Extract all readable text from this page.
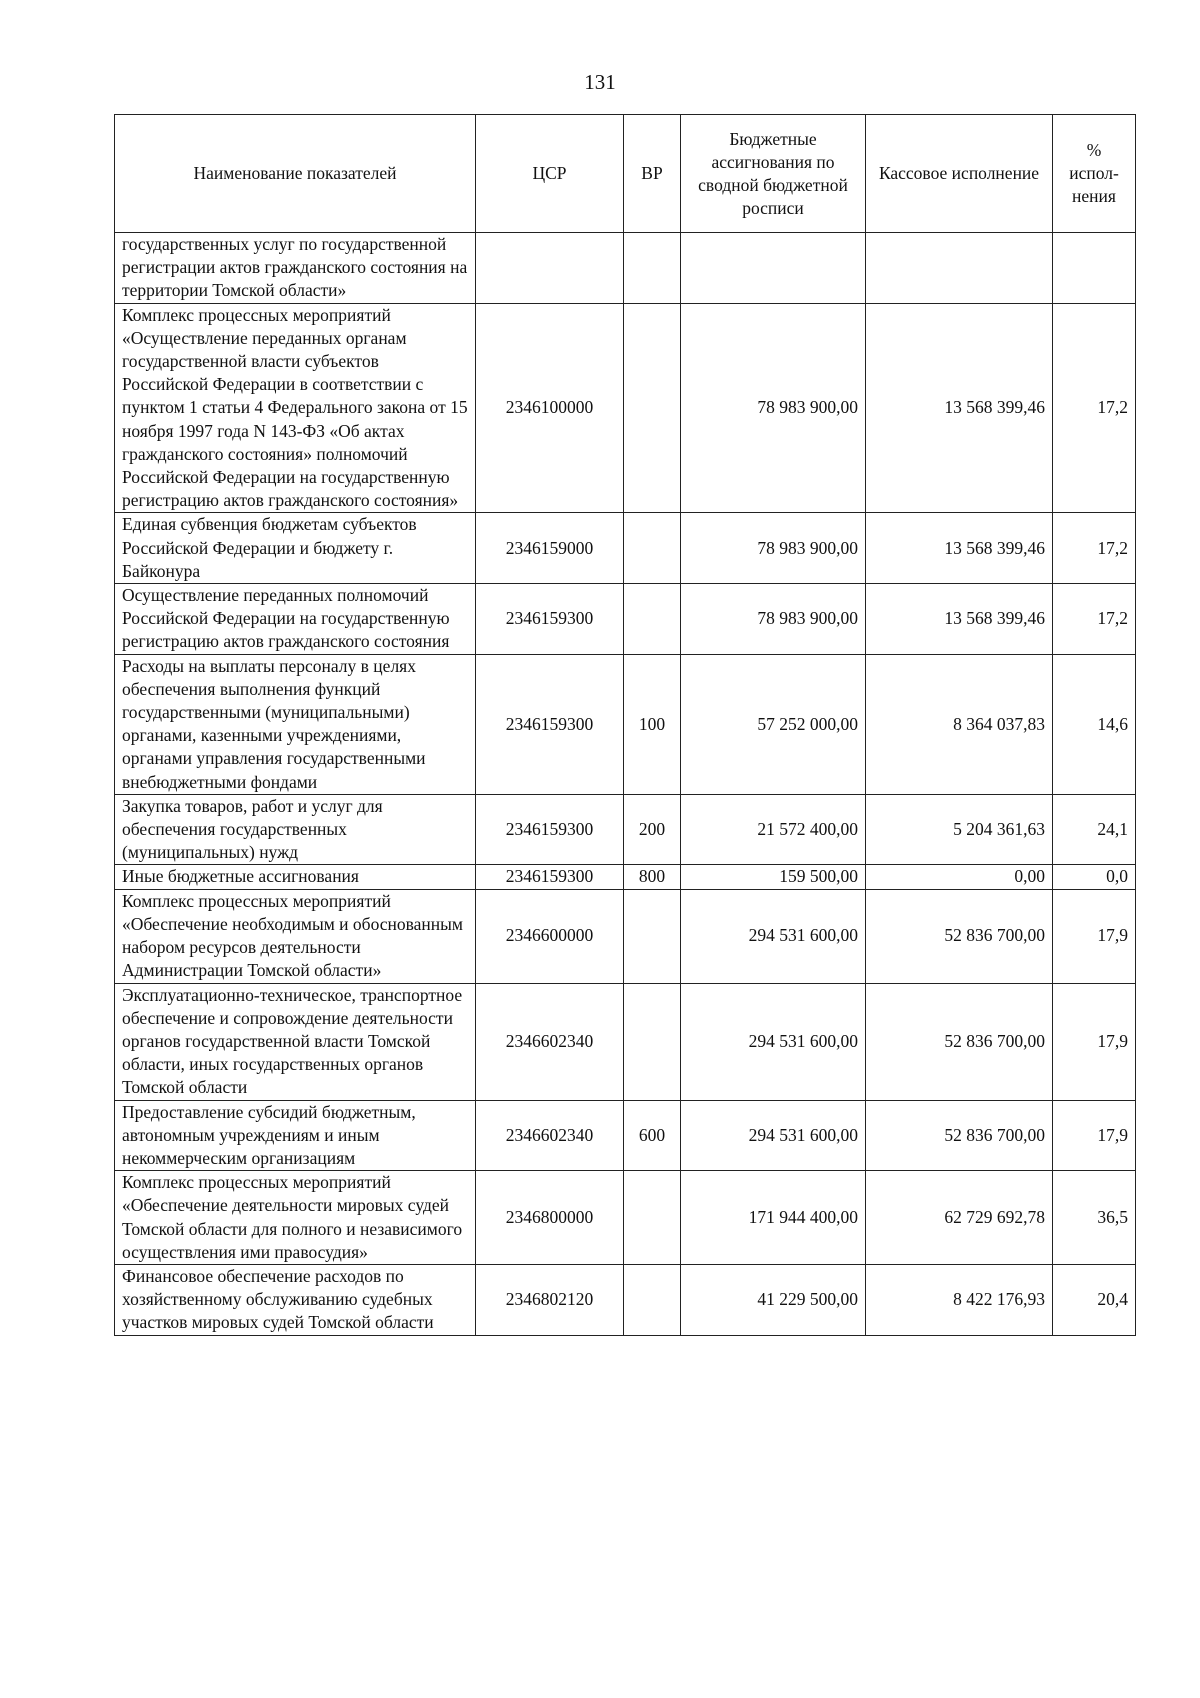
131
Наименование показателей	ЦСР	ВР	Бюджетные ассигнования по сводной бюджетной росписи	Кассовое исполнение	% испол-нения
государственных услуг по государственной регистрации актов гражданского состояния на территории Томской области»					
Комплекс процессных мероприятий «Осуществление переданных органам государственной власти субъектов Российской Федерации в соответствии с пунктом 1 статьи 4 Федерального закона от 15 ноября 1997 года N 143-ФЗ «Об актах гражданского состояния» полномочий Российской Федерации на государственную регистрацию актов гражданского состояния»	2346100000		78 983 900,00	13 568 399,46	17,2
Единая субвенция бюджетам субъектов Российской Федерации и бюджету г. Байконура	2346159000		78 983 900,00	13 568 399,46	17,2
Осуществление переданных полномочий Российской Федерации на государственную регистрацию актов гражданского состояния	2346159300		78 983 900,00	13 568 399,46	17,2
Расходы на выплаты персоналу в целях обеспечения выполнения функций государственными (муниципальными) органами, казенными учреждениями, органами управления государственными внебюджетными фондами	2346159300	100	57 252 000,00	8 364 037,83	14,6
Закупка товаров, работ и услуг для обеспечения государственных (муниципальных) нужд	2346159300	200	21 572 400,00	5 204 361,63	24,1
Иные бюджетные ассигнования	2346159300	800	159 500,00	0,00	0,0
Комплекс процессных мероприятий «Обеспечение необходимым и обоснованным набором ресурсов деятельности Администрации Томской области»	2346600000		294 531 600,00	52 836 700,00	17,9
Эксплуатационно-техническое, транспортное обеспечение и сопровождение деятельности органов государственной власти Томской области, иных государственных органов Томской области	2346602340		294 531 600,00	52 836 700,00	17,9
Предоставление субсидий бюджетным, автономным учреждениям и иным некоммерческим организациям	2346602340	600	294 531 600,00	52 836 700,00	17,9
Комплекс процессных мероприятий «Обеспечение деятельности мировых судей Томской области для полного и независимого осуществления ими правосудия»	2346800000		171 944 400,00	62 729 692,78	36,5
Финансовое обеспечение расходов по хозяйственному обслуживанию судебных участков мировых судей Томской области	2346802120		41 229 500,00	8 422 176,93	20,4
